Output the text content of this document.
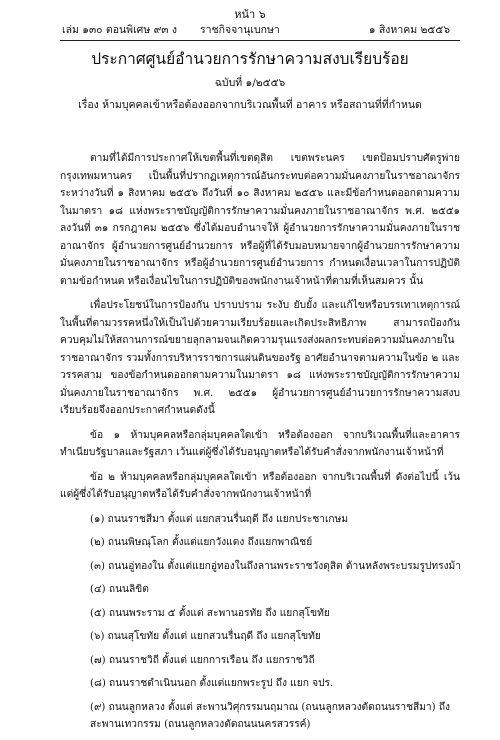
หน้า ๖
เล่ม ๑๓๐ ตอนพิเศษ ๙๓ ง ราชกิจจานุเบกษา	๑ สิงหาคม ๒๕๕๖
ประกาศศูนย์อำนวยการรักษาความสงบเรียบร้อย
ฉบับที่ ๑/๒๕๕๖
เรื่อง ห้ามบุคคลเข้าหรือต้องออกจากบริเวณพื้นที่ อาคาร หรือสถานที่ที่กำหนด

ตามที่ได้มีการประกาศให้เขตพื้นที่เขตดุสิต เขตพระนคร เขตป้อมปราบศัตรูพ่าย กรุงเทพมหานคร เป็นพื้นที่ปรากฏเหตุการณ์อันกระทบต่อความมั่นคงภายในราชอาณาจักร ระหว่างวันที่ ๑ สิงหาคม ๒๕๕๖ ถึงวันที่ ๑๐ สิงหาคม ๒๕๕๖ และมีข้อกำหนดออกตามความในมาตรา ๑๘ แห่งพระราชบัญญัติการรักษาความมั่นคงภายในราชอาณาจักร พ.ศ. ๒๕๕๑ ลงวันที่ ๓๑ กรกฎาคม ๒๕๕๖ ซึ่งได้มอบอำนาจให้ ผู้อำนวยการรักษาความมั่นคงภายในราชอาณาจักร ผู้อำนวยการศูนย์อำนวยการ หรือผู้ที่ได้รับมอบหมายจากผู้อำนวยการรักษาความมั่นคงภายในราชอาณาจักร หรือผู้อำนวยการศูนย์อำนวยการ กำหนดเงื่อนเวลาในการปฏิบัติตามข้อกำหนด หรือเงื่อนไขในการปฏิบัติของพนักงานเจ้าหน้าที่ตามที่เห็นสมควร นั้น

เพื่อประโยชน์ในการป้องกัน ปราบปราม ระงับ ยับยั้ง และแก้ไขหรือบรรเทาเหตุการณ์ในพื้นที่ตามวรรคหนึ่งให้เป็นไปด้วยความเรียบร้อยและเกิดประสิทธิภาพ สามารถป้องกันควบคุมไม่ให้สถานการณ์ขยายลุกลามจนเกิดความรุนแรงส่งผลกระทบต่อความมั่นคงภายในราชอาณาจักร รวมทั้งการบริหารราชการแผ่นดินของรัฐ อาศัยอำนาจตามความในข้อ ๒ และวรรคสาม ของข้อกำหนดออกตามความในมาตรา ๑๘ แห่งพระราชบัญญัติการรักษาความมั่นคงภายในราชอาณาจักร พ.ศ. ๒๕๕๑ ผู้อำนวยการศูนย์อำนวยการรักษาความสงบเรียบร้อยจึงออกประกาศกำหนดดังนี้

ข้อ ๑ ห้ามบุคคลหรือกลุ่มบุคคลใดเข้า หรือต้องออก จากบริเวณพื้นที่และอาคารทำเนียบรัฐบาลและรัฐสภา เว้นแต่ผู้ซึ่งได้รับอนุญาตหรือได้รับคำสั่งจากพนักงานเจ้าหน้าที่

ข้อ ๒ ห้ามบุคคลหรือกลุ่มบุคคลใดเข้า หรือต้องออก จากบริเวณพื้นที่ ดังต่อไปนี้ เว้นแต่ผู้ซึ่งได้รับอนุญาตหรือได้รับคำสั่งจากพนักงานเจ้าหน้าที่

(๑) ถนนราชสีมา ตั้งแต่ แยกสวนรื่นฤดี ถึง แยกประชาเกษม
(๒) ถนนพิษณุโลก ตั้งแต่แยกวังแดง ถึงแยกพาณิชย์
(๓) ถนนอู่ทองใน ตั้งแต่แยกอู่ทองในถึงลานพระราชวังดุสิต ด้านหลังพระบรมรูปทรงม้า
(๔) ถนนลิขิต
(๕) ถนนพระราม ๕ ตั้งแต่ สะพานอรทัย ถึง แยกสุโขทัย
(๖) ถนนสุโขทัย ตั้งแต่ แยกสวนรื่นฤดี ถึง แยกสุโขทัย
(๗) ถนนราชวิถี ตั้งแต่ แยกการเรือน ถึง แยกราชวิถี
(๘) ถนนราชดำเนินนอก ตั้งแต่แยกพระรูป ถึง แยก จปร.
(๙) ถนนลูกหลวง ตั้งแต่ สะพานวิศุกรรมนฤมาณ (ถนนลูกหลวงตัดถนนราชสีมา) ถึง สะพานเทวกรรม (ถนนลูกหลวงตัดถนนนครสวรรค์)
